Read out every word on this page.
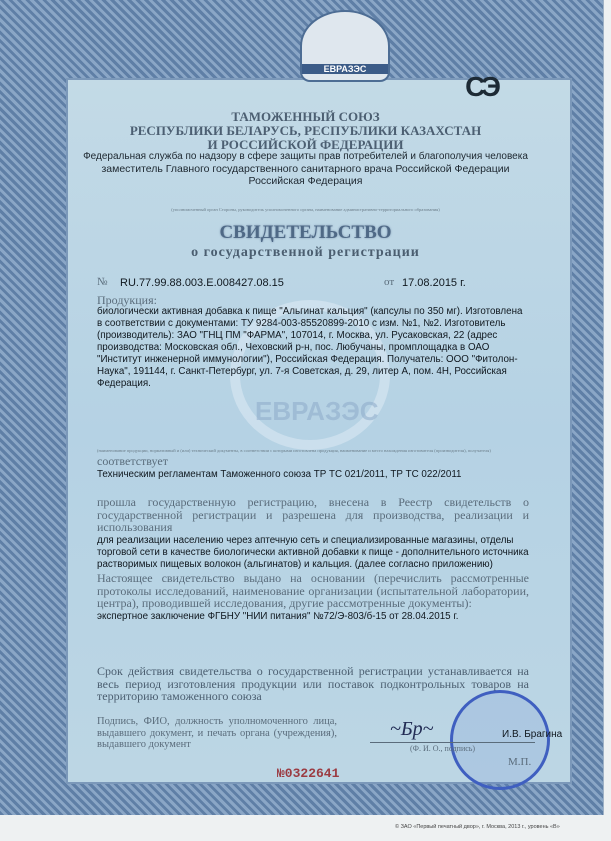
ЕВРАЗЭС
СЭ
ЕВРАЗЭС
ТАМОЖЕННЫЙ СОЮЗ
РЕСПУБЛИКИ БЕЛАРУСЬ, РЕСПУБЛИКИ КАЗАХСТАН
И РОССИЙСКОЙ ФЕДЕРАЦИИ
Федеральная служба по надзору в сфере защиты прав потребителей и благополучия человека
заместитель Главного государственного санитарного врача Российской Федерации
Российская Федерация
(уполномоченный орган Стороны, руководитель уполномоченного органа, наименование административно-территориального образования)
СВИДЕТЕЛЬСТВО
о государственной регистрации
№ RU.77.99.88.003.Е.008427.08.15	от 17.08.2015 г.
Продукция:
биологически активная добавка к пище "Альгинат кальция" (капсулы по 350 мг). Изготовлена в соответствии с документами: ТУ 9284-003-85520899-2010 с изм. №1, №2. Изготовитель (производитель): ЗАО "ГНЦ ПМ "ФАРМА", 107014, г. Москва, ул. Русаковская, 22 (адрес производства: Московская обл., Чеховский р-н, пос. Любучаны, промплощадка в ОАО "Институт инженерной иммунологии"), Российская Федерация. Получатель: ООО "Фитолон-Наука", 191144, г. Санкт-Петербург, ул. 7-я Советская, д. 29, литер А, пом. 4Н, Российская Федерация.
(наименование продукции, нормативный и (или) технический документы, в соответствии с которыми изготовлена продукция, наименование и место нахождения изготовителя (производителя), получателя)
соответствует
Техническим регламентам Таможенного союза ТР ТС 021/2011, ТР ТС 022/2011
прошла государственную регистрацию, внесена в Реестр свидетельств о государственной регистрации и разрешена для производства, реализации и использования
для реализации населению через аптечную сеть и специализированные магазины, отделы торговой сети в качестве биологически активной добавки к пище - дополнительного источника растворимых пищевых волокон (альгинатов) и кальция. (далее согласно приложению)
Настоящее свидетельство выдано на основании (перечислить рассмотренные протоколы исследований, наименование организации (испытательной лаборатории, центра), проводившей исследования, другие рассмотренные документы):
экспертное заключение ФГБНУ "НИИ питания" №72/Э-803/б-15 от 28.04.2015 г.
Срок действия свидетельства о государственной регистрации устанавливается на весь период изготовления продукции или поставок подконтрольных товаров на территорию таможенного союза
Подпись, ФИО, должность уполномоченного лица, выдавшего документ, и печать органа (учреждения), выдавшего документ
~Бр~	И.В. Брагина
(Ф. И. О., подпись)
М.П.
№0322641
© ЗАО «Первый печатный двор», г. Москва, 2013 г., уровень «В»
